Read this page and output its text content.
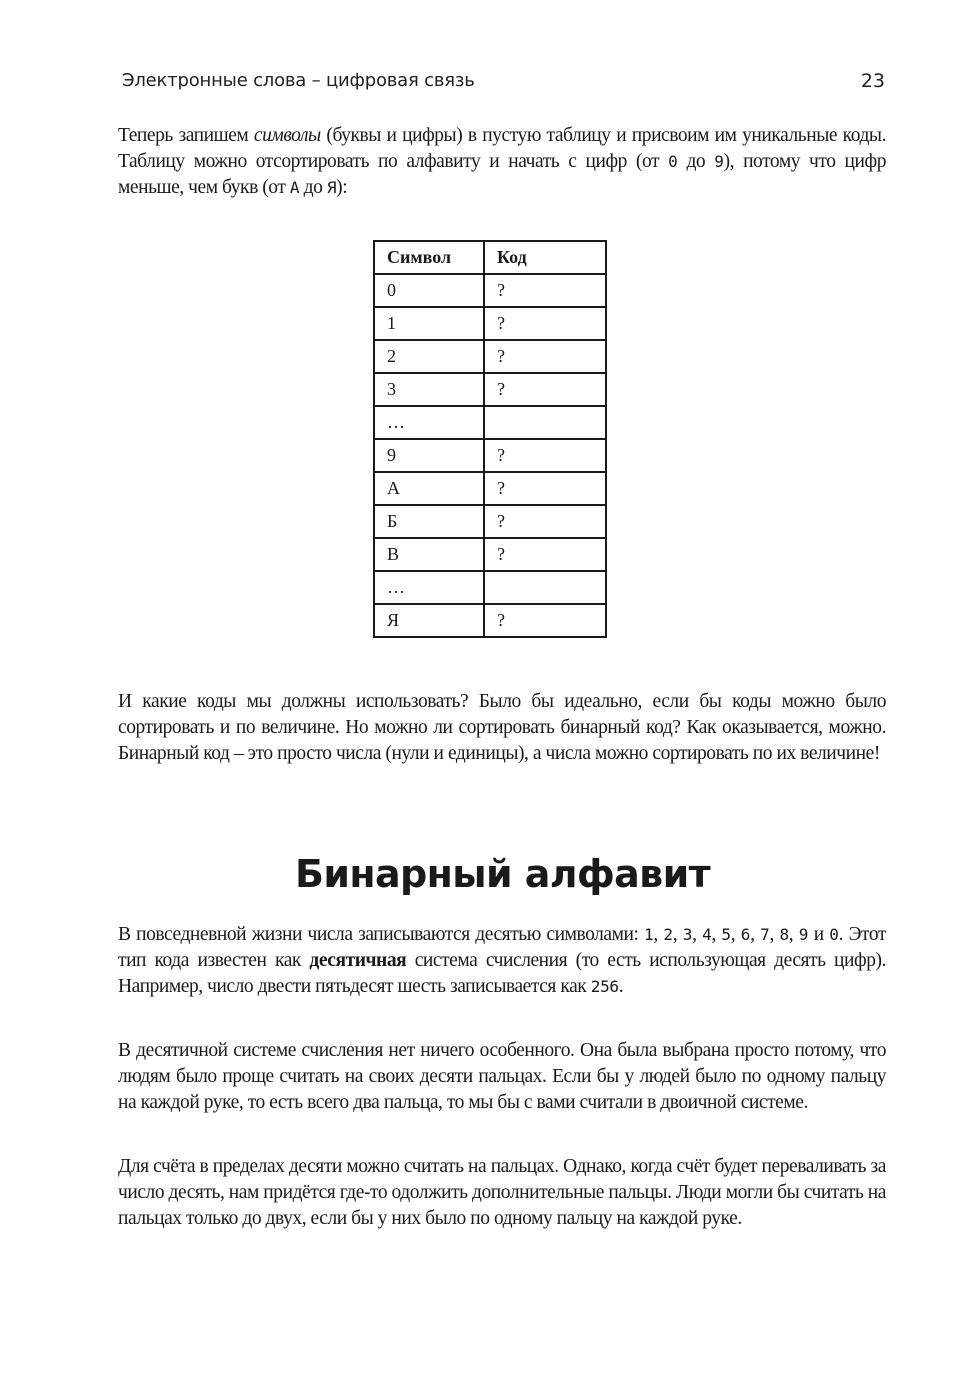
Электронные слова – цифровая связь	23

Теперь запишем символы (буквы и цифры) в пустую таблицу и присвоим им уникальные коды. Таблицу можно отсортировать по алфавиту и начать с цифр (от 0 до 9), потому что цифр меньше, чем букв (от А до Я):

Символ	Код
0	?
1	?
2	?
3	?
…	
9	?
А	?
Б	?
В	?
…	
Я	?

И какие коды мы должны использовать? Было бы идеально, если бы коды можно было сортировать и по величине. Но можно ли сортировать бинарный код? Как оказывается, можно. Бинарный код – это просто числа (нули и единицы), а числа можно сортировать по их величине!

Бинарный алфавит

В повседневной жизни числа записываются десятью символами: 1, 2, 3, 4, 5, 6, 7, 8, 9 и 0. Этот тип кода известен как десятичная система счисления (то есть использующая десять цифр). Например, число двести пятьдесят шесть записывается как 256.

В десятичной системе счисления нет ничего особенного. Она была выбрана просто потому, что людям было проще считать на своих десяти пальцах. Если бы у людей было по одному пальцу на каждой руке, то есть всего два пальца, то мы бы с вами считали в двоичной системе.

Для счёта в пределах десяти можно считать на пальцах. Однако, когда счёт будет переваливать за число десять, нам придётся где-то одолжить дополнительные пальцы. Люди могли бы считать на пальцах только до двух, если бы у них было по одному пальцу на каждой руке.
